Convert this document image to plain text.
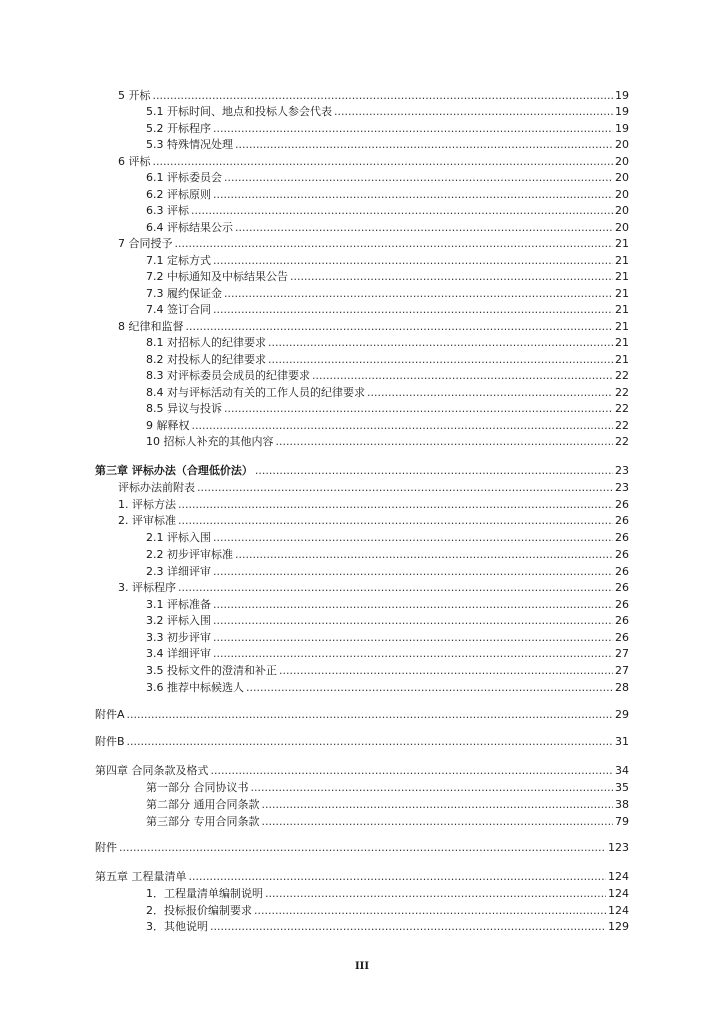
5 开标 .....	19
5.1 开标时间、地点和投标人参会代表 .....	19
5.2 开标程序 .....	19
5.3 特殊情况处理 .....	20
6 评标 .....	20
6.1 评标委员会 .....	20
6.2 评标原则 .....	20
6.3 评标 .....	20
6.4 评标结果公示 .....	20
7 合同授予 .....	21
7.1 定标方式 .....	21
7.2 中标通知及中标结果公告 .....	21
7.3 履约保证金 .....	21
7.4 签订合同 .....	21
8 纪律和监督 .....	21
8.1 对招标人的纪律要求 .....	21
8.2 对投标人的纪律要求 .....	21
8.3 对评标委员会成员的纪律要求 .....	22
8.4 对与评标活动有关的工作人员的纪律要求 .....	22
8.5 异议与投诉 .....	22
9 解释权 .....	22
10 招标人补充的其他内容 .....	22
第三章 评标办法（合理低价法） .....	23
评标办法前附表 .....	23
1. 评标方法 .....	26
2. 评审标准 .....	26
2.1 评标入围 .....	26
2.2 初步评审标准 .....	26
2.3 详细评审 .....	26
3. 评标程序 .....	26
3.1 评标准备 .....	26
3.2 评标入围 .....	26
3.3 初步评审 .....	26
3.4 详细评审 .....	27
3.5 投标文件的澄清和补正 .....	27
3.6 推荐中标候选人 .....	28
附件A .....	29
附件B .....	31
第四章 合同条款及格式 .....	34
第一部分 合同协议书 .....	35
第二部分 通用合同条款 .....	38
第三部分 专用合同条款 .....	79
附件 .....	123
第五章 工程量清单 .....	124
1．工程量清单编制说明 .....	124
2．投标报价编制要求 .....	124
3．其他说明 .....	129
III
